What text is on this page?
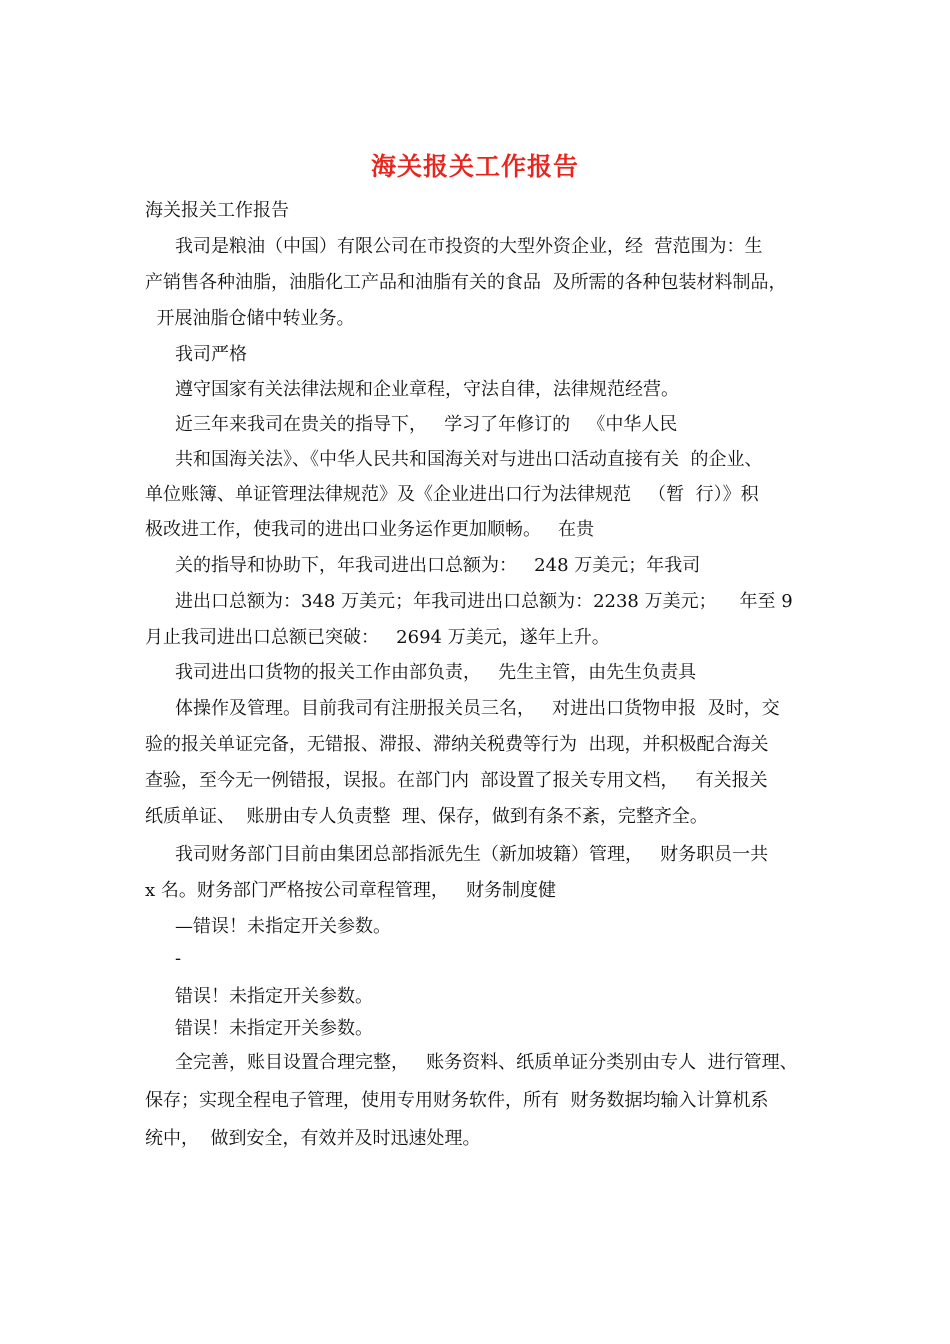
海关报关工作报告
海关报关工作报告
我司是粮油（中国）有限公司在市投资的大型外资企业，经  营范围为：生
产销售各种油脂，油脂化工产品和油脂有关的食品  及所需的各种包装材料制品，
开展油脂仓储中转业务。
我司严格
遵守国家有关法律法规和企业章程，守法自律，法律规范经营。
近三年来我司在贵关的指导下，   学习了年修订的   《中华人民
共和国海关法》、《中华人民共和国海关对与进出口活动直接有关  的企业、
单位账簿、单证管理法律规范》及《企业进出口行为法律规范   （暂  行）》积
极改进工作，使我司的进出口业务运作更加顺畅。   在贵
关的指导和协助下，年我司进出口总额为：   248 万美元；年我司
进出口总额为：348 万美元；年我司进出口总额为：2238 万美元；    年至 9
月止我司进出口总额已突破：   2694 万美元，遂年上升。
我司进出口货物的报关工作由部负责，   先生主管，由先生负责具
体操作及管理。目前我司有注册报关员三名，   对进出口货物申报  及时，交
验的报关单证完备，无错报、滞报、滞纳关税费等行为  出现，并积极配合海关
查验，至今无一例错报，误报。在部门内  部设置了报关专用文档，   有关报关
纸质单证、  账册由专人负责整  理、保存，做到有条不紊，完整齐全。
我司财务部门目前由集团总部指派先生（新加坡籍）管理，   财务职员一共
x 名。财务部门严格按公司章程管理，   财务制度健
—错误！未指定开关参数。
-
错误！未指定开关参数。
错误！未指定开关参数。
全完善，账目设置合理完整，   账务资料、纸质单证分类别由专人  进行管理、
保存；实现全程电子管理，使用专用财务软件，所有  财务数据均输入计算机系
统中，  做到安全，有效并及时迅速处理。
